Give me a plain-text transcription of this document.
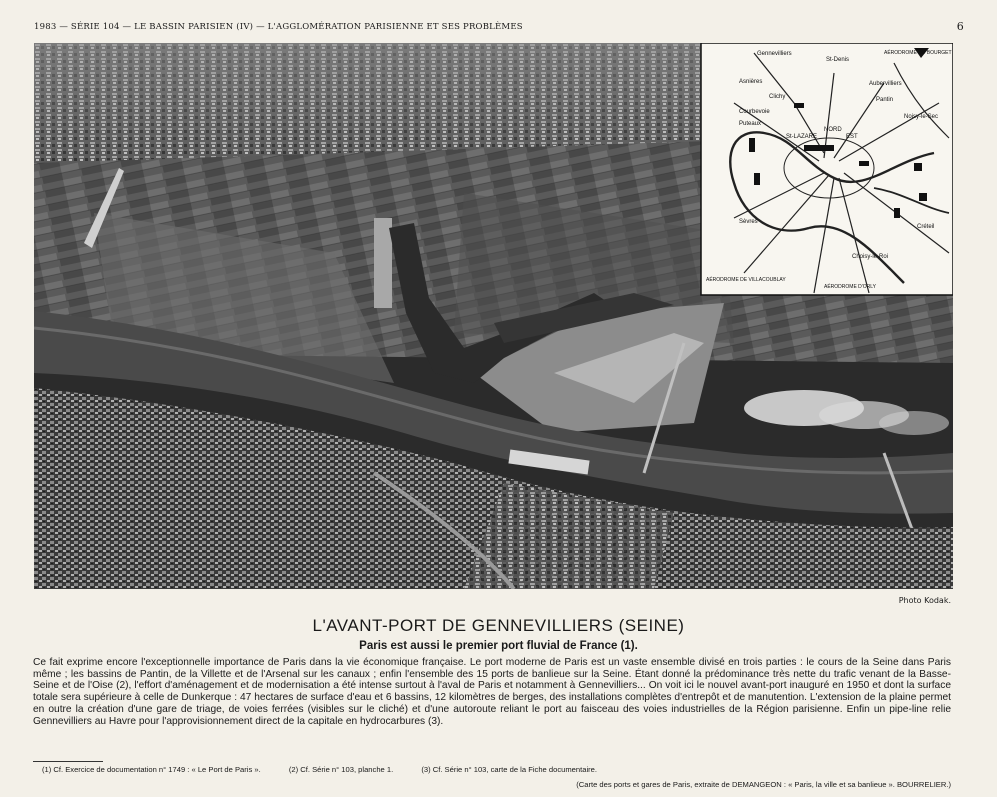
1983 — SÉRIE 104 — LE BASSIN PARISIEN (IV) — L'AGGLOMÉRATION PARISIENNE ET SES PROBLÈMES	6
Gennevilliers
St-Denis
Asnières	Aubervilliers
Clichy	Pantin
Noisy-le-Sec
Courbevoie
Puteaux
St-LAZARE
NORD
EST
Sèvres
Choisy-le-Roi
Créteil
AÉRODROME DU BOURGET
AÉRODROME DE VILLACOUBLAY
AÉRODROME D'ORLY
Photo Kodak.
L'AVANT-PORT DE GENNEVILLIERS (SEINE)
Paris est aussi le premier port fluvial de France (1).
Ce fait exprime encore l'exceptionnelle importance de Paris dans la vie économique française. Le port moderne de Paris est un vaste ensemble divisé en trois parties : le cours de la Seine dans Paris même ; les bassins de Pantin, de la Villette et de l'Arsenal sur les canaux ; enfin l'ensemble des 15 ports de banlieue sur la Seine. Étant donné la prédominance très nette du trafic venant de la Basse-Seine et de l'Oise (2), l'effort d'aménagement et de modernisation a été intense surtout à l'aval de Paris et notamment à Gennevilliers... On voit ici le nouvel avant-port inauguré en 1950 et dont la surface totale sera supérieure à celle de Dunkerque : 47 hectares de surface d'eau et 6 bassins, 12 kilomètres de berges, des installations complètes d'entrepôt et de manutention. L'extension de la plaine permet en outre la création d'une gare de triage, de voies ferrées (visibles sur le cliché) et d'une autoroute reliant le port au faisceau des voies industrielles de la Région parisienne. Enfin un pipe-line relie Gennevilliers au Havre pour l'approvisionnement direct de la capitale en hydrocarbures (3).
(1) Cf. Exercice de documentation n° 1749 : « Le Port de Paris ».	(2) Cf. Série n° 103, planche 1.	(3) Cf. Série n° 103, carte de la Fiche documentaire.
(Carte des ports et gares de Paris, extraite de DEMANGEON : « Paris, la ville et sa banlieue ». BOURRELIER.)
